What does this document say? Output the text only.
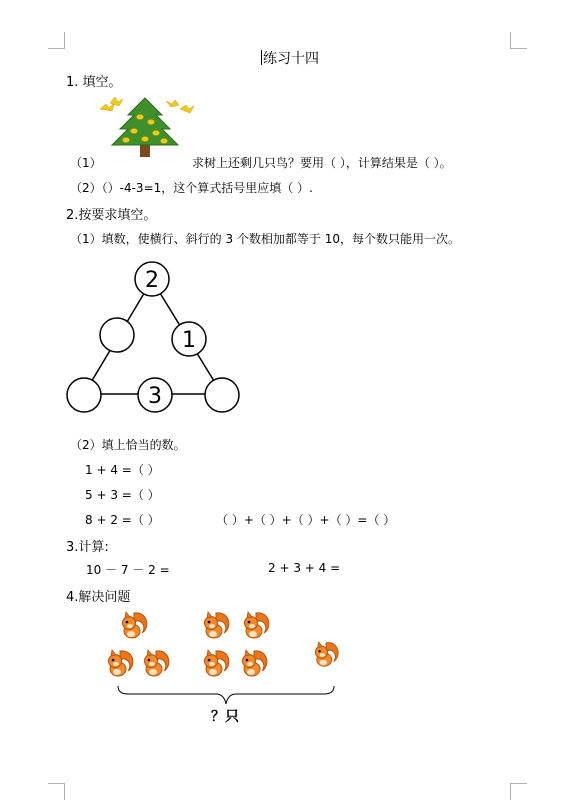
练习十四
1. 填空。
（1）	求树上还剩几只鸟？要用（ ），计算结果是（ ）。
（2）（）-4-3=1，这个算式括号里应填（ ）.
2.按要求填空。
（1）填数，使横行、斜行的 3 个数相加都等于 10，每个数只能用一次。
2
1
3
（2）填上恰当的数。
1 + 4 =（ ）
5 + 3 =（ ）
8 + 2 =（ ）	（ ）+（ ）+（ ）+（ ）=（ ）
3.计算:
10 － 7 － 2 =	2 + 3 + 4 =
4.解决问题
？只
